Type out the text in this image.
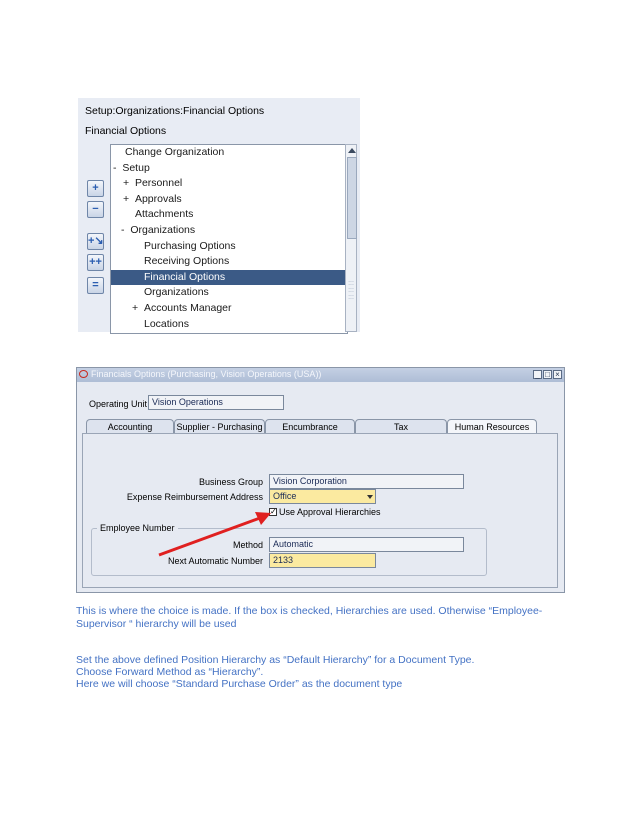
Setup:Organizations:Financial Options
Financial Options
+
−
+↘
++
=
Change Organization
-  Setup
+  Personnel
+  Approvals
Attachments
-  Organizations
Purchasing Options
Receiving Options
Financial Options
Organizations
+  Accounts Manager
Locations
:::
:::
:::
Financials Options (Purchasing, Vision Operations (USA))	_ □ ×
Operating Unit Vision Operations
Accounting	Supplier - Purchasing	Encumbrance	Tax	Human Resources
Business Group	Vision Corporation
Expense Reimbursement Address	Office
✓ Use Approval Hierarchies
Employee Number
Method	Automatic
Next Automatic Number	2133
This is where the choice is made. If the box is checked, Hierarchies are used. Otherwise “Employee-
Supervisor “ hierarchy will be used
Set the above defined Position Hierarchy as “Default Hierarchy” for a Document Type.
Choose Forward Method as “Hierarchy”.
Here we will choose “Standard Purchase Order” as the document type
